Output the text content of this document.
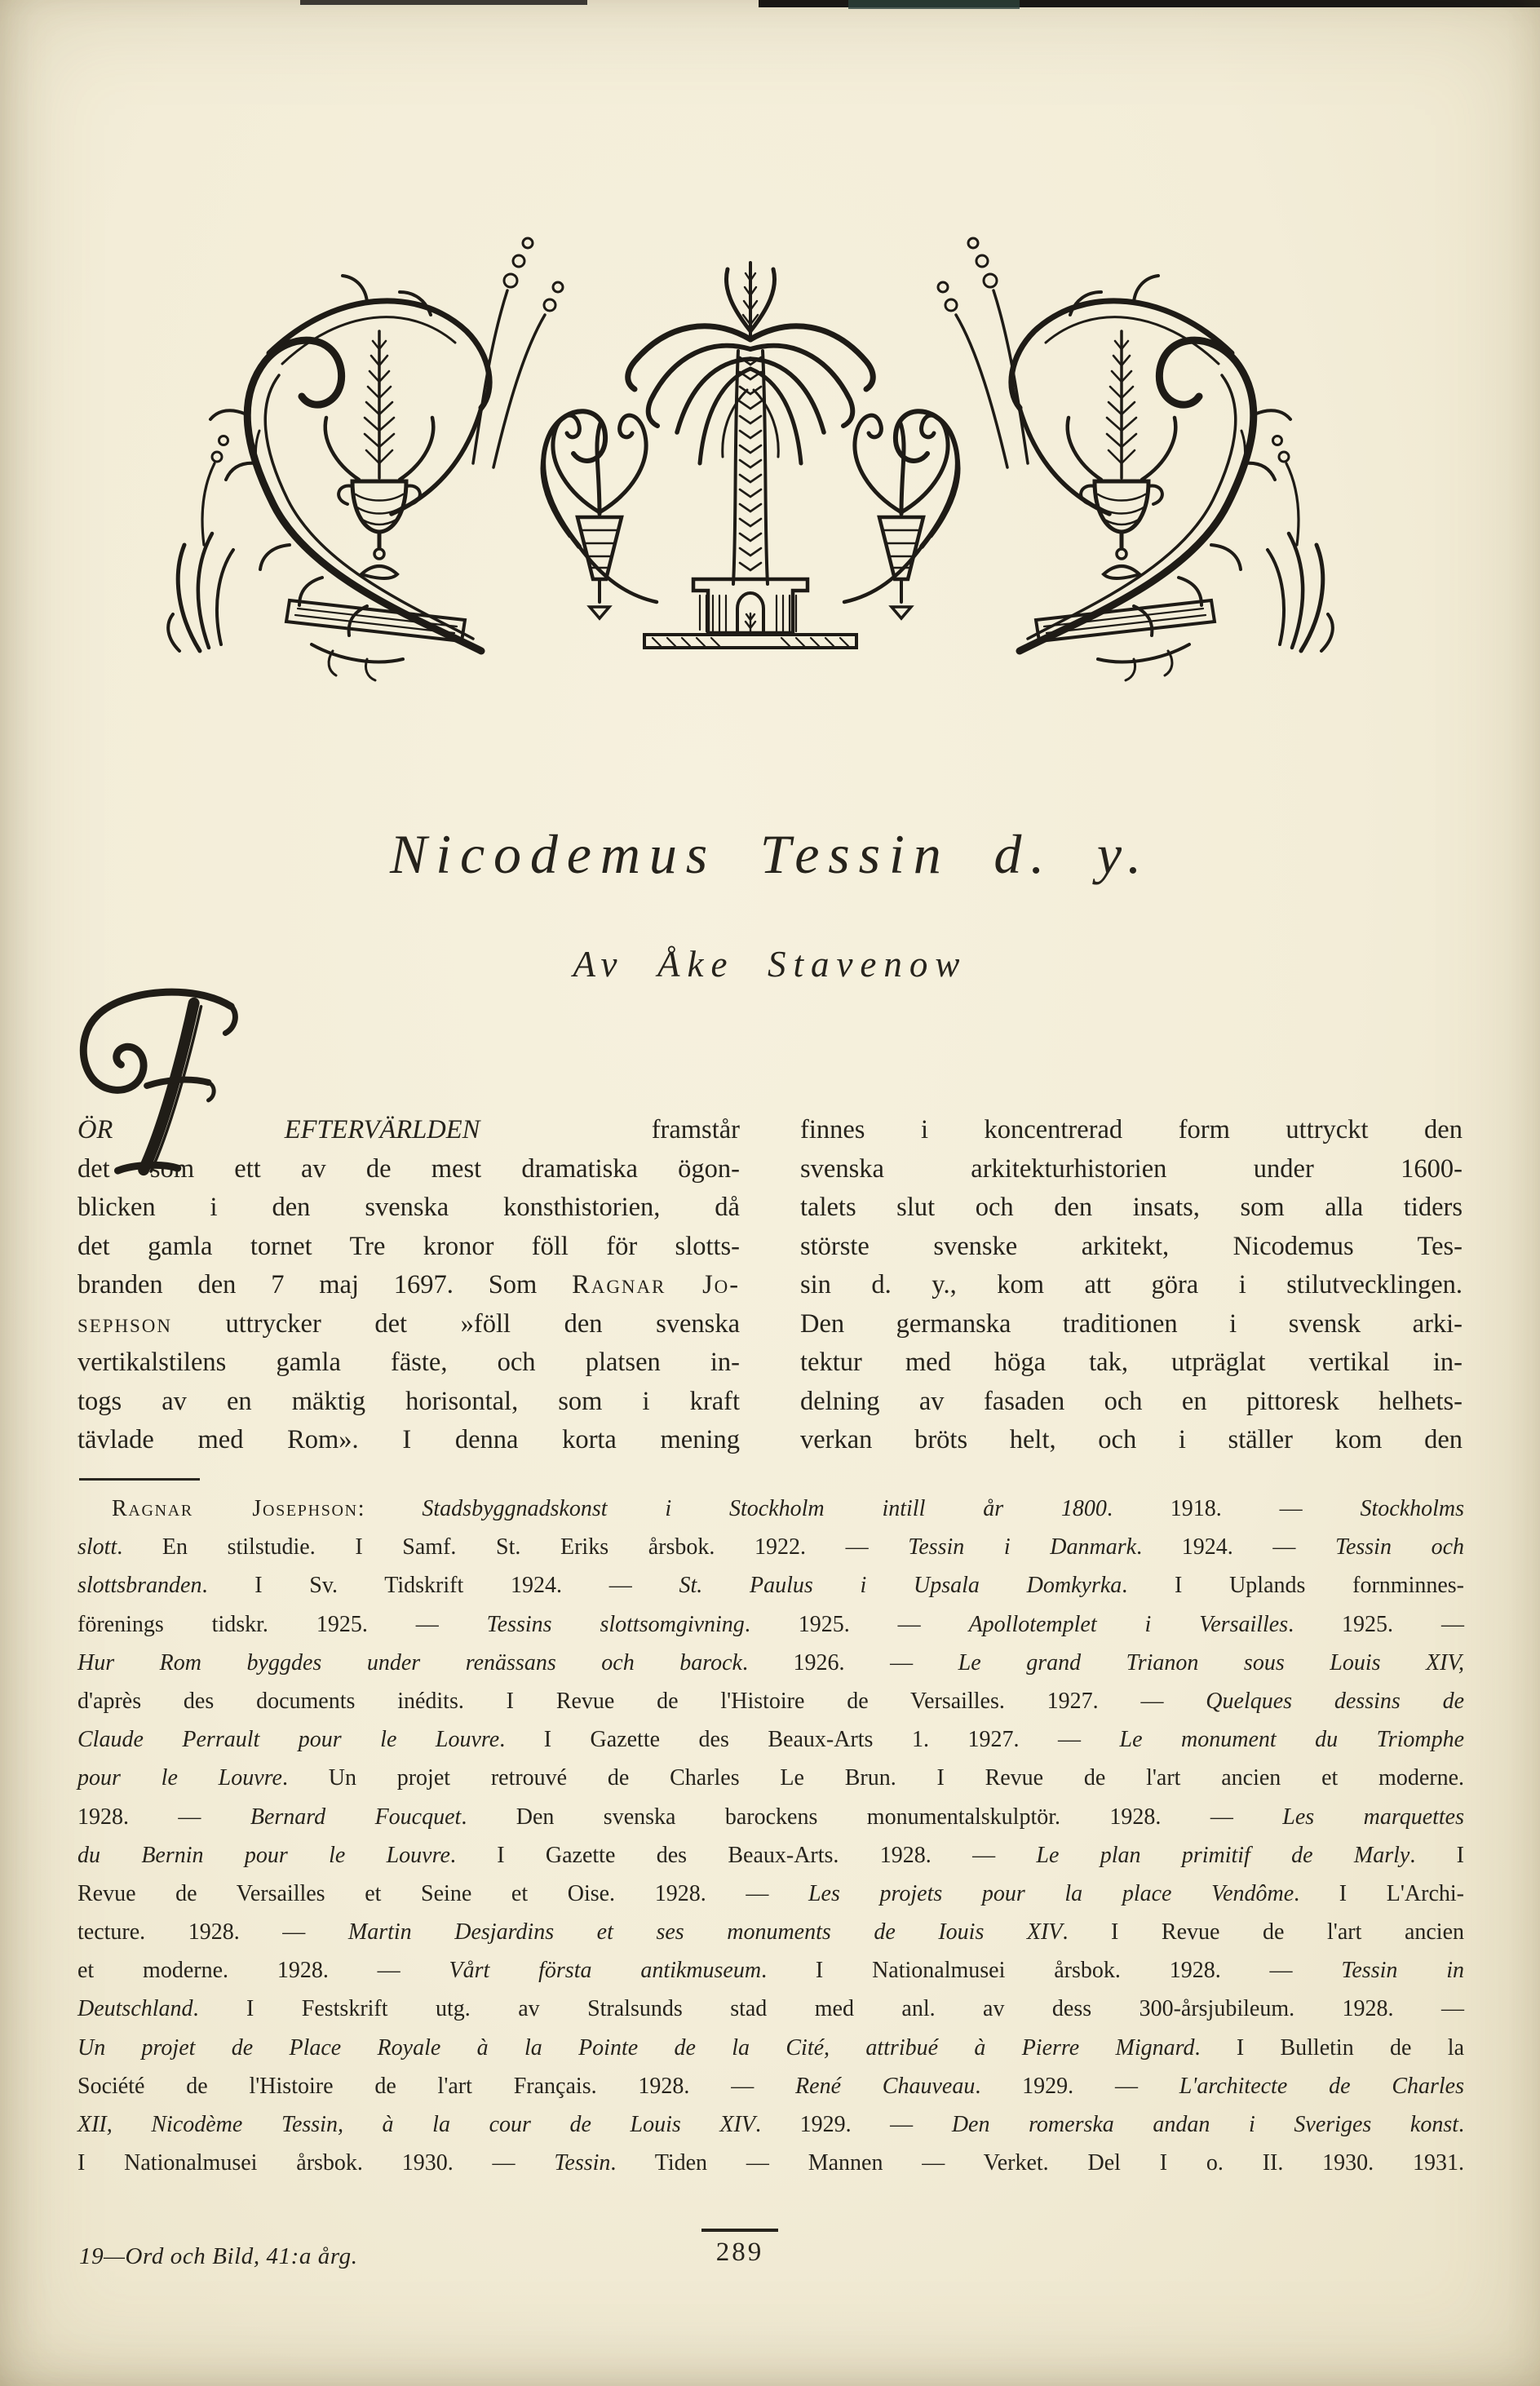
Nicodemus Tessin d. y.
Av Åke Stavenow
ÖR EFTERVÄRLDEN framstår
det som ett av de mest dramatiska ögon-
blicken i den svenska konsthistorien, då
det gamla tornet Tre kronor föll för slotts-
branden den 7 maj 1697. Som Ragnar Jo-
sephson uttrycker det »föll den svenska
vertikalstilens gamla fäste, och platsen in-
togs av en mäktig horisontal, som i kraft
tävlade med Rom». I denna korta mening
finnes i koncentrerad form uttryckt den
svenska arkitekturhistorien under 1600-
talets slut och den insats, som alla tiders
störste svenske arkitekt, Nicodemus Tes-
sin d. y., kom att göra i stilutvecklingen.
Den germanska traditionen i svensk arki-
tektur med höga tak, utpräglat vertikal in-
delning av fasaden och en pittoresk helhets-
verkan bröts helt, och i ställer kom den
Ragnar Josephson: Stadsbyggnadskonst i Stockholm intill år 1800. 1918. — Stockholms
slott. En stilstudie. I Samf. St. Eriks årsbok. 1922. — Tessin i Danmark. 1924. — Tessin och
slottsbranden. I Sv. Tidskrift 1924. — St. Paulus i Upsala Domkyrka. I Uplands fornminnes-
förenings tidskr. 1925. — Tessins slottsomgivning. 1925. — Apollotemplet i Versailles. 1925. —
Hur Rom byggdes under renässans och barock. 1926. — Le grand Trianon sous Louis XIV,
d'après des documents inédits. I Revue de l'Histoire de Versailles. 1927. — Quelques dessins de
Claude Perrault pour le Louvre. I Gazette des Beaux-Arts 1. 1927. — Le monument du Triomphe
pour le Louvre. Un projet retrouvé de Charles Le Brun. I Revue de l'art ancien et moderne.
1928. — Bernard Foucquet. Den svenska barockens monumentalskulptör. 1928. — Les marquettes
du Bernin pour le Louvre. I Gazette des Beaux-Arts. 1928. — Le plan primitif de Marly. I
Revue de Versailles et Seine et Oise. 1928. — Les projets pour la place Vendôme. I L'Archi-
tecture. 1928. — Martin Desjardins et ses monuments de Iouis XIV. I Revue de l'art ancien
et moderne. 1928. — Vårt första antikmuseum. I Nationalmusei årsbok. 1928. — Tessin in
Deutschland. I Festskrift utg. av Stralsunds stad med anl. av dess 300-årsjubileum. 1928. —
Un projet de Place Royale à la Pointe de la Cité, attribué à Pierre Mignard. I Bulletin de la
Société de l'Histoire de l'art Français. 1928. — René Chauveau. 1929. — L'architecte de Charles
XII, Nicodème Tessin, à la cour de Louis XIV. 1929. — Den romerska andan i Sveriges konst.
I Nationalmusei årsbok. 1930. — Tessin. Tiden — Mannen — Verket. Del I o. II. 1930. 1931.
19—Ord och Bild, 41:a årg.	289
